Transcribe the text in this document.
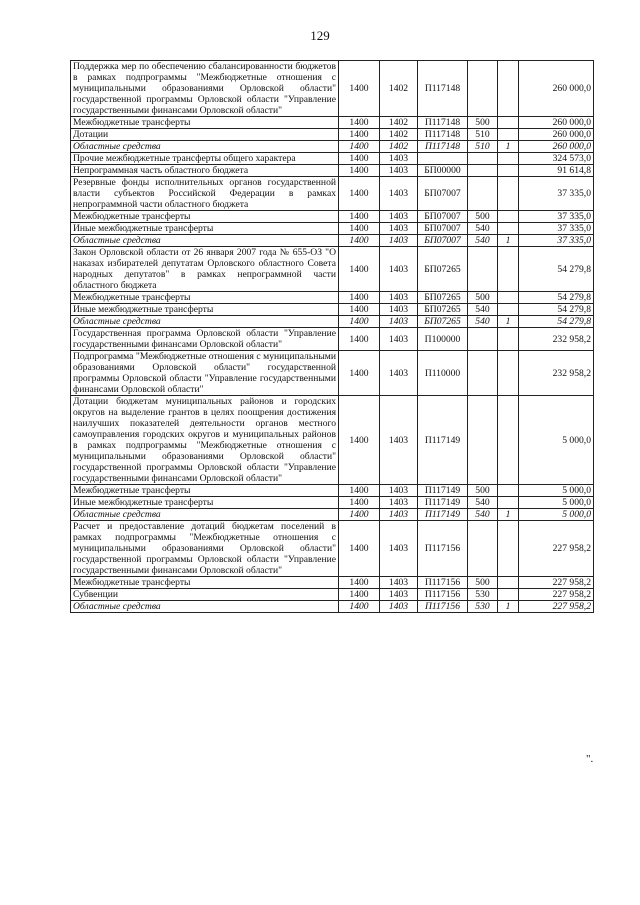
129
Поддержка мер по обеспечению сбалансированности бюджетов в рамках подпрограммы "Межбюджетные отношения с муниципальными образованиями Орловской области" государственной программы Орловской области "Управление государственными финансами Орловской области"	1400	1402	П117148			260 000,0
Межбюджетные трансферты	1400	1402	П117148	500		260 000,0
Дотации	1400	1402	П117148	510		260 000,0
Областные средства	1400	1402	П117148	510	1	260 000,0
Прочие межбюджетные трансферты общего характера	1400	1403				324 573,0
Непрограммная часть областного бюджета	1400	1403	БП00000			91 614,8
Резервные фонды исполнительных органов государственной власти субъектов Российской Федерации в рамках непрограммной части областного бюджета	1400	1403	БП07007			37 335,0
Межбюджетные трансферты	1400	1403	БП07007	500		37 335,0
Иные межбюджетные трансферты	1400	1403	БП07007	540		37 335,0
Областные средства	1400	1403	БП07007	540	1	37 335,0
Закон Орловской области от 26 января 2007 года № 655-ОЗ "О наказах избирателей депутатам Орловского областного Совета народных депутатов" в рамках непрограммной части областного бюджета	1400	1403	БП07265			54 279,8
Межбюджетные трансферты	1400	1403	БП07265	500		54 279,8
Иные межбюджетные трансферты	1400	1403	БП07265	540		54 279,8
Областные средства	1400	1403	БП07265	540	1	54 279,8
Государственная программа Орловской области "Управление государственными финансами Орловской области"	1400	1403	П100000			232 958,2
Подпрограмма "Межбюджетные отношения с муниципальными образованиями Орловской области" государственной программы Орловской области "Управление государственными финансами Орловской области"	1400	1403	П110000			232 958,2
Дотации бюджетам муниципальных районов и городских округов на выделение грантов в целях поощрения достижения наилучших показателей деятельности органов местного самоуправления городских округов и муниципальных районов в рамках подпрограммы "Межбюджетные отношения с муниципальными образованиями Орловской области" государственной программы Орловской области "Управление государственными финансами Орловской области"	1400	1403	П117149			5 000,0
Межбюджетные трансферты	1400	1403	П117149	500		5 000,0
Иные межбюджетные трансферты	1400	1403	П117149	540		5 000,0
Областные средства	1400	1403	П117149	540	1	5 000,0
Расчет и предоставление дотаций бюджетам поселений в рамках подпрограммы "Межбюджетные отношения с муниципальными образованиями Орловской области" государственной программы Орловской области "Управление государственными финансами Орловской области"	1400	1403	П117156			227 958,2
Межбюджетные трансферты	1400	1403	П117156	500		227 958,2
Субвенции	1400	1403	П117156	530		227 958,2
Областные средства	1400	1403	П117156	530	1	227 958,2
".
